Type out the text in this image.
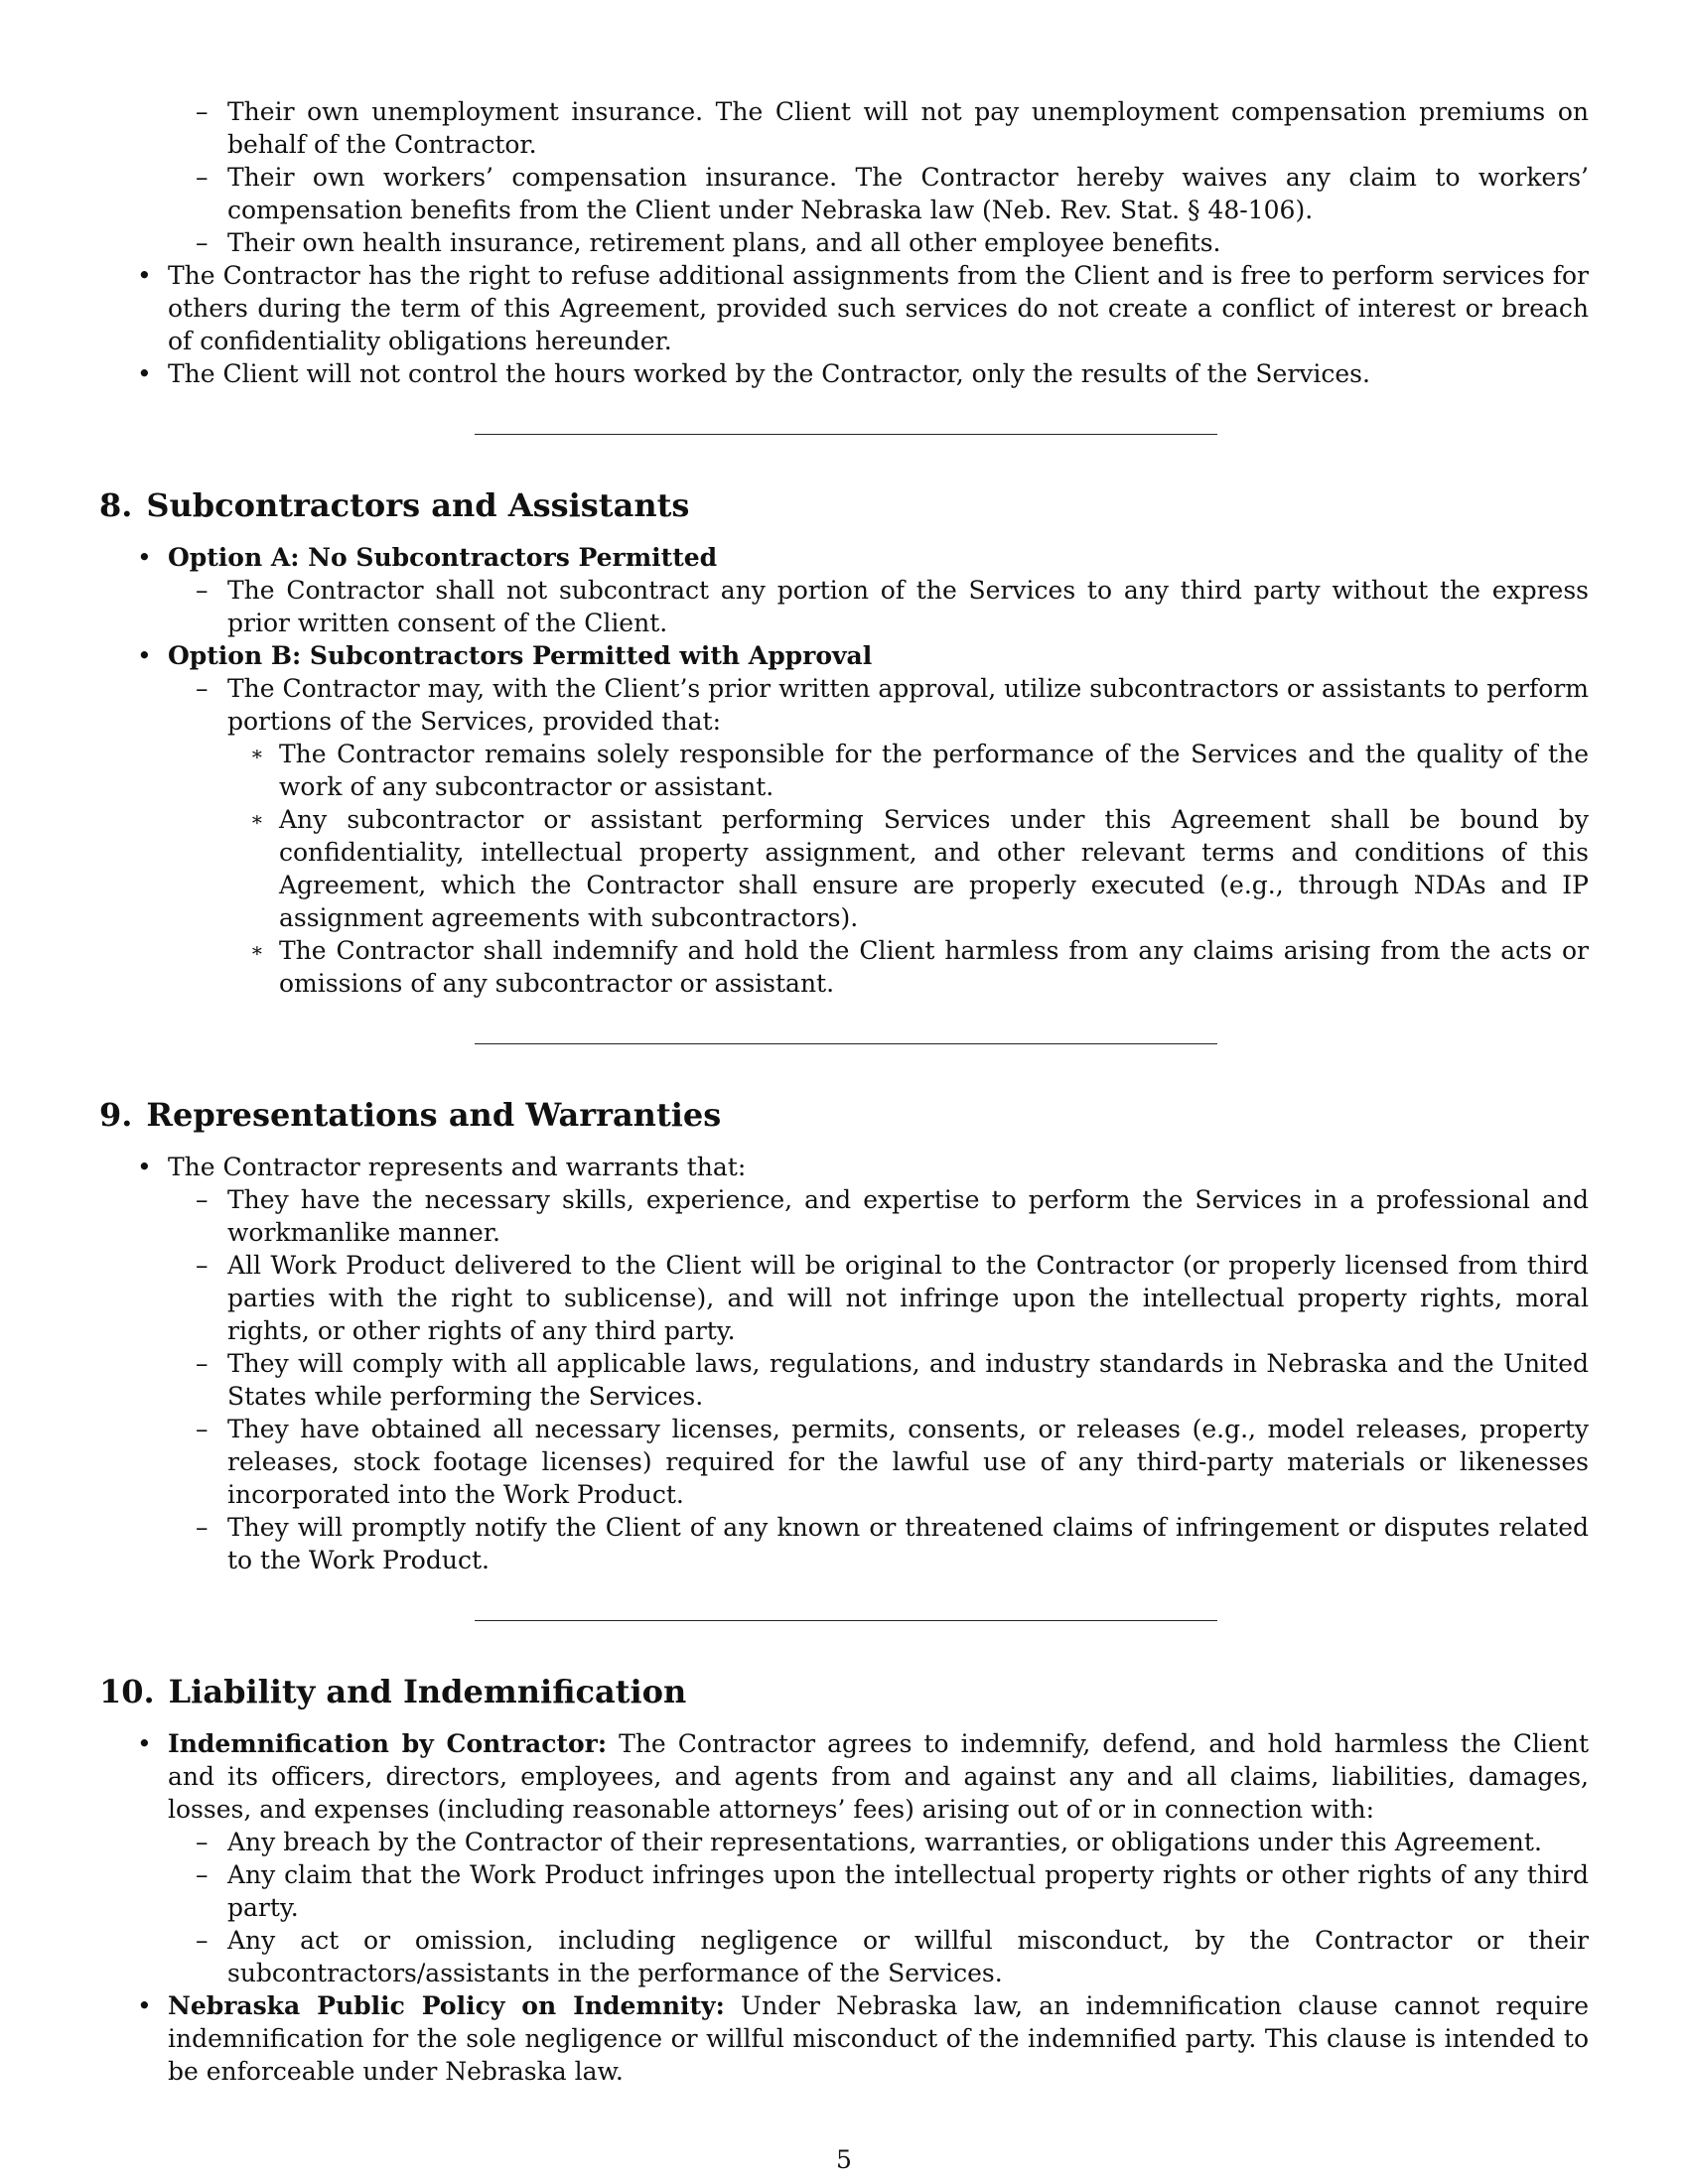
– Their own unemployment insurance. The Client will not pay unemployment compensation premiums on behalf of the Contractor.
– Their own workers’ compensation insurance. The Contractor hereby waives any claim to workers’ compensation benefits from the Client under Nebraska law (Neb. Rev. Stat. § 48-106).
– Their own health insurance, retirement plans, and all other employee benefits.
• The Contractor has the right to refuse additional assignments from the Client and is free to perform services for others during the term of this Agreement, provided such services do not create a conflict of interest or breach of confidentiality obligations hereunder.
• The Client will not control the hours worked by the Contractor, only the results of the Services.
8. Subcontractors and Assistants
• Option A: No Subcontractors Permitted
– The Contractor shall not subcontract any portion of the Services to any third party without the express prior written consent of the Client.
• Option B: Subcontractors Permitted with Approval
– The Contractor may, with the Client’s prior written approval, utilize subcontractors or assistants to perform portions of the Services, provided that:
∗ The Contractor remains solely responsible for the performance of the Services and the quality of the work of any subcontractor or assistant.
∗ Any subcontractor or assistant performing Services under this Agreement shall be bound by confidentiality, intellectual property assignment, and other relevant terms and conditions of this Agreement, which the Contractor shall ensure are properly executed (e.g., through NDAs and IP assignment agreements with subcontractors).
∗ The Contractor shall indemnify and hold the Client harmless from any claims arising from the acts or omissions of any subcontractor or assistant.
9. Representations and Warranties
• The Contractor represents and warrants that:
– They have the necessary skills, experience, and expertise to perform the Services in a professional and workmanlike manner.
– All Work Product delivered to the Client will be original to the Contractor (or properly licensed from third parties with the right to sublicense), and will not infringe upon the intellectual property rights, moral rights, or other rights of any third party.
– They will comply with all applicable laws, regulations, and industry standards in Nebraska and the United States while performing the Services.
– They have obtained all necessary licenses, permits, consents, or releases (e.g., model releases, property releases, stock footage licenses) required for the lawful use of any third-party materials or likenesses incorporated into the Work Product.
– They will promptly notify the Client of any known or threatened claims of infringement or disputes related to the Work Product.
10. Liability and Indemnification
• Indemnification by Contractor: The Contractor agrees to indemnify, defend, and hold harmless the Client and its officers, directors, employees, and agents from and against any and all claims, liabilities, damages, losses, and expenses (including reasonable attorneys’ fees) arising out of or in connection with:
– Any breach by the Contractor of their representations, warranties, or obligations under this Agreement.
– Any claim that the Work Product infringes upon the intellectual property rights or other rights of any third party.
– Any act or omission, including negligence or willful misconduct, by the Contractor or their subcontractors/assistants in the performance of the Services.
• Nebraska Public Policy on Indemnity: Under Nebraska law, an indemnification clause cannot require indemnification for the sole negligence or willful misconduct of the indemnified party. This clause is intended to be enforceable under Nebraska law.
5
